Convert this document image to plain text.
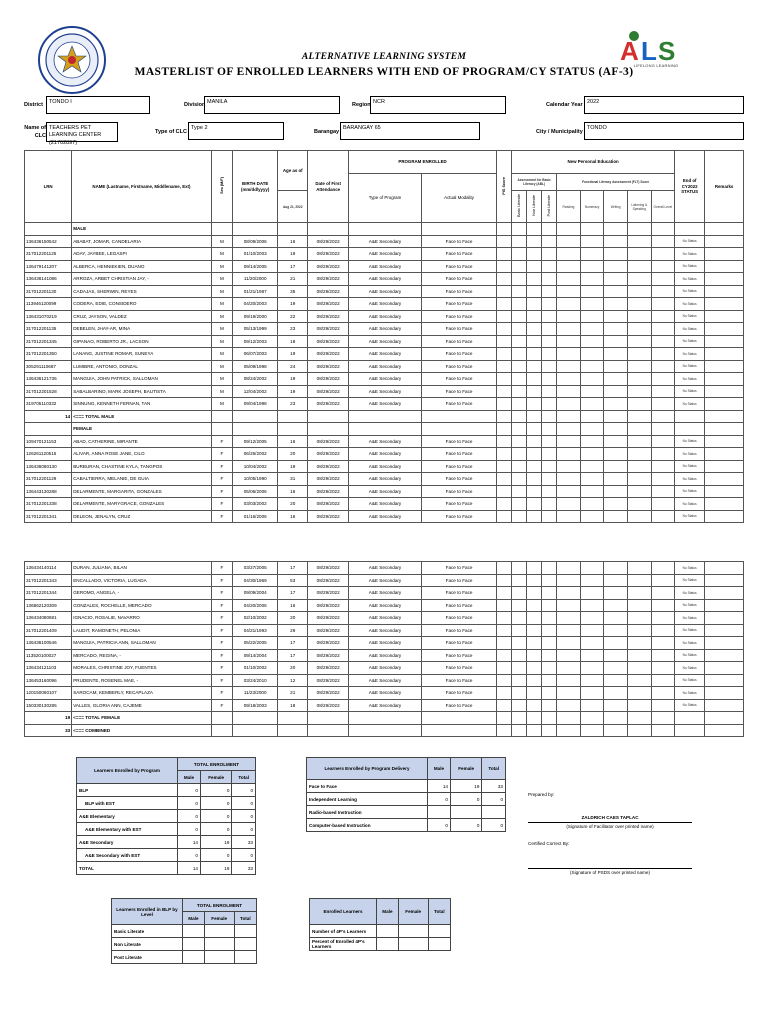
A L S
LIFELONG LEARNING
ALTERNATIVE LEARNING SYSTEM
MASTERLIST OF ENROLLED LEARNERS WITH END OF PROGRAM/CY STATUS (AF-3)
District	TONDO I	Division MANILA	Region NCR	Calendar Year 2022
Name of CLC
TEACHERS PET LEARNING CENTER (21702897)
Type of CLC
Type 2
Barangay
BARANGAY 65
City / Municipality
TONDO
LRN	NAME (Lastname, Firstname, Middlename, Ext)	Sex (M/F)	BIRTH DATE (mm/dd/yyyy)	Age as of	Date of First Attendance	PROGRAM ENROLLED		PIS Score	New Personal Education								End of CY2022 STATUS	Remarks
						Type of Program	Actual Modality		Assessment for Basic Literacy (ABL)			Functional Literacy Assessment (FLT) Score						
				Aug 21, 2022					Basic Literate	Non Literate	Post Literate	Reading	Numeracy	Writing	Listening & Speaking	Overall Level		
	MALE																	
136436150542	ABABAT, JOMAR, CANDELARIA	M	08/09/2006	16	08/29/2022	A&E Secondary	Face to Face										No Status	
317012201125	ADAY, JAYBEE, LEGASPI	M	01/10/2003	19	08/29/2022	A&E Secondary	Face to Face										No Status	
136479141207	ALBERCA, HENNIEKIEN, DUANO	M	09/14/2005	17	08/29/2022	A&E Secondary	Face to Face										No Status	
136436141086	ARROZA, ARBET CHRISTIAN JAY, -	M	11/20/2000	21	08/29/2022	A&E Secondary	Face to Face										No Status	
317012201130	CADAJAS, SHERWIN, REYES	M	01/21/1987	35	08/29/2022	A&E Secondary	Face to Face										No Status	
113946120099	CODERA, EDIE, CONSIDERO	M	04/20/2003	19	08/29/2022	A&E Secondary	Face to Face										No Status	
136431070219	CRUZ, JAYSON, VALDEZ	M	09/19/2000	22	08/29/2022	A&E Secondary	Face to Face										No Status	
317012201135	DEBELEN, JHAY-AR, MINA	M	05/13/1999	23	08/29/2022	A&E Secondary	Face to Face										No Status	
317012201345	GIPANAO, ROBERTO JR., LACSON	M	09/12/2003	18	08/29/2022	A&E Secondary	Face to Face										No Status	
317012201350	LANANG, JUSTINE ROMAR, SUNEYA	M	06/07/2003	19	08/29/2022	A&E Secondary	Face to Face										No Status	
305291110687	LUMIBRE, ANTONIO, DONZAL	M	05/09/1998	24	08/29/2022	A&E Secondary	Face to Face										No Status	
136436121736	MANGUIA, JOHN PATRICK, SALLOMAN	M	08/24/2002	19	08/29/2022	A&E Secondary	Face to Face										No Status	
317012201528	SABALBARINO, MARK JOSEPH, BAUTISTA	M	12/04/2002	19	08/29/2022	A&E Secondary	Face to Face										No Status	
319705110332	SINNUNG, KENNETH FERNAN, TAN	M	09/04/1998	23	08/29/2022	A&E Secondary	Face to Face										No Status	
14	<=== TOTAL MALE																	
	FEMALE																	
109470121153	ABAD, CATHERINE, MIRANTE	F	09/12/2005	16	08/29/2022	A&E Secondary	Face to Face										No Status	
126261120515	ALIVAR, ANNA ROSE JANE, CILO	F	06/26/2002	20	08/29/2022	A&E Secondary	Face to Face										No Status	
136436080130	BURBURAN, CHASTINE KYLA, TANGPOS	F	10/04/2002	19	08/29/2022	A&E Secondary	Face to Face										No Status	
317012201129	CABALTIERRA, MELANIE, DE GUIA	F	10/05/1990	31	08/29/2022	A&E Secondary	Face to Face										No Status	
136443130288	DELARMENTE, MARGARITA, GONZALES	F	05/06/2006	16	08/29/2022	A&E Secondary	Face to Face										No Status	
317012201338	DELARMENTE, MARYGRACE, GONZALES	F	03/03/2002	20	08/29/2022	A&E Secondary	Face to Face										No Status	
317012201341	DELEON, JENALYN, CRUZ	F	01/16/2006	16	08/29/2022	A&E Secondary	Face to Face										No Status	
136434140114	DURAN, JULIANA, BILAN	F	03/27/2005	17	08/29/2022	A&E Secondary	Face to Face										No Status	
317012201343	ENCALLADO, VICTORIA, LUGADA	F	04/30/1969	53	08/29/2022	A&E Secondary	Face to Face										No Status	
317012201344	GEROMO, ANGELA, -	F	09/09/2004	17	08/29/2022	A&E Secondary	Face to Face										No Status	
136862120309	GONZALES, ROCHELLE, MERCADO	F	04/20/2006	16	08/29/2022	A&E Secondary	Face to Face										No Status	
136434080681	IGNACIO, ROSALIE, NAVARRO	F	02/10/2002	20	08/29/2022	A&E Secondary	Face to Face										No Status	
317012201409	LAUDIT, RAMONETH, PELONIA	F	04/21/1993	29	08/29/2022	A&E Secondary	Face to Face										No Status	
136436100546	MANGUIA, PATRICIA ANN, SALLOMAN	F	05/22/2005	17	08/29/2022	A&E Secondary	Face to Face										No Status	
113520100027	MERCADO, REGINA, -	F	09/14/2004	17	08/29/2022	A&E Secondary	Face to Face										No Status	
136434121103	MORALES, CHRISTINE JOY, FUENTES	F	01/10/2002	20	08/29/2022	A&E Secondary	Face to Face										No Status	
136453160096	PRUDENTE, ROSENEL MAE, -	F	03/24/2010	12	08/29/2022	A&E Secondary	Face to Face										No Status	
120150060107	SAROCAM, KEMBERLY, RECAPLAZA	F	11/23/2000	21	08/29/2022	A&E Secondary	Face to Face										No Status	
150330130285	VALLES, GLORIA ANN, CAJEME	F	09/18/2003	18	08/29/2022	A&E Secondary	Face to Face										No Status	
19	<=== TOTAL FEMALE																	
33	<=== COMBINED																	
Learners Enrolled by Program	TOTAL ENROLMENT		
	Male	Female	Total
BLP	0	0	0
BLP with EST	0	0	0
A&E Elementary	0	0	0
A&E Elementary with EST	0	0	0
A&E Secondary	14	19	33
A&E Secondary with EST	0	0	0
TOTAL	14	19	33
Learners Enrolled by Program Delivery	Male	Female	Total
Face to Face	14	19	33
Independent Learning	0	0	0
Radio-based Instruction			
Computer-based Instruction	0	0	0
Learners Enrolled in BLP by Level	TOTAL ENROLMENT		
	Male	Female	Total
Basic Literate			
Non Literate			
Post Literate			
Enrolled Learners	Male	Female	Total
Number of 4P's Learners			
Percent of Enrolled 4P's Learners			
Prepared by:
ZALDRICH CAES TAPLAC
(Signature of Facilitator over printed name)
Certified Correct By:
(Signature of PSDS over printed name)
